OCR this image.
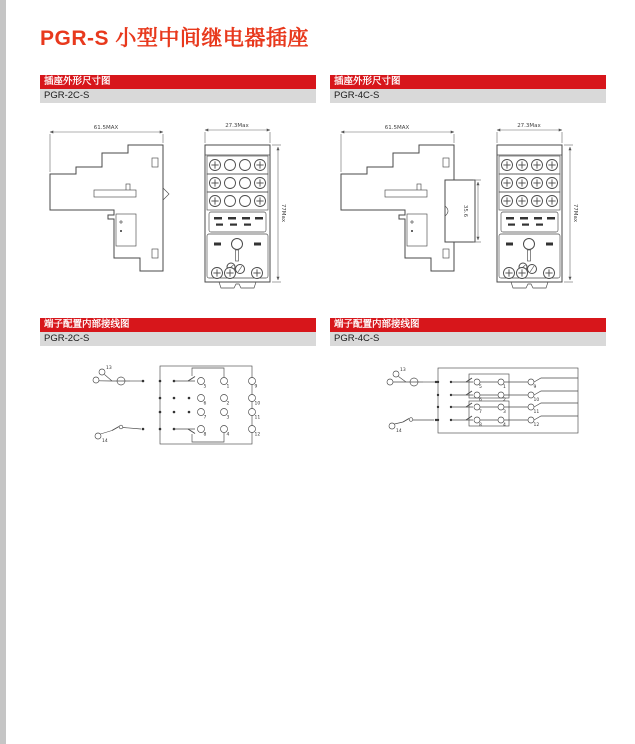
PGR-S 小型中间继电器插座
插座外形尺寸图
PGR-2C-S
插座外形尺寸图
PGR-4C-S
端子配置内部接线图
PGR-2C-S
端子配置内部接线图
PGR-4C-S
61.5MAX	27.3Max
77Max
61.5MAX
35.6
27.3Max
77Max
13
14
5	1	9
6	2	10
7	3	11
8	4	12
13
14
5	1	9
6	2	10
7	3	11
8	4	12
